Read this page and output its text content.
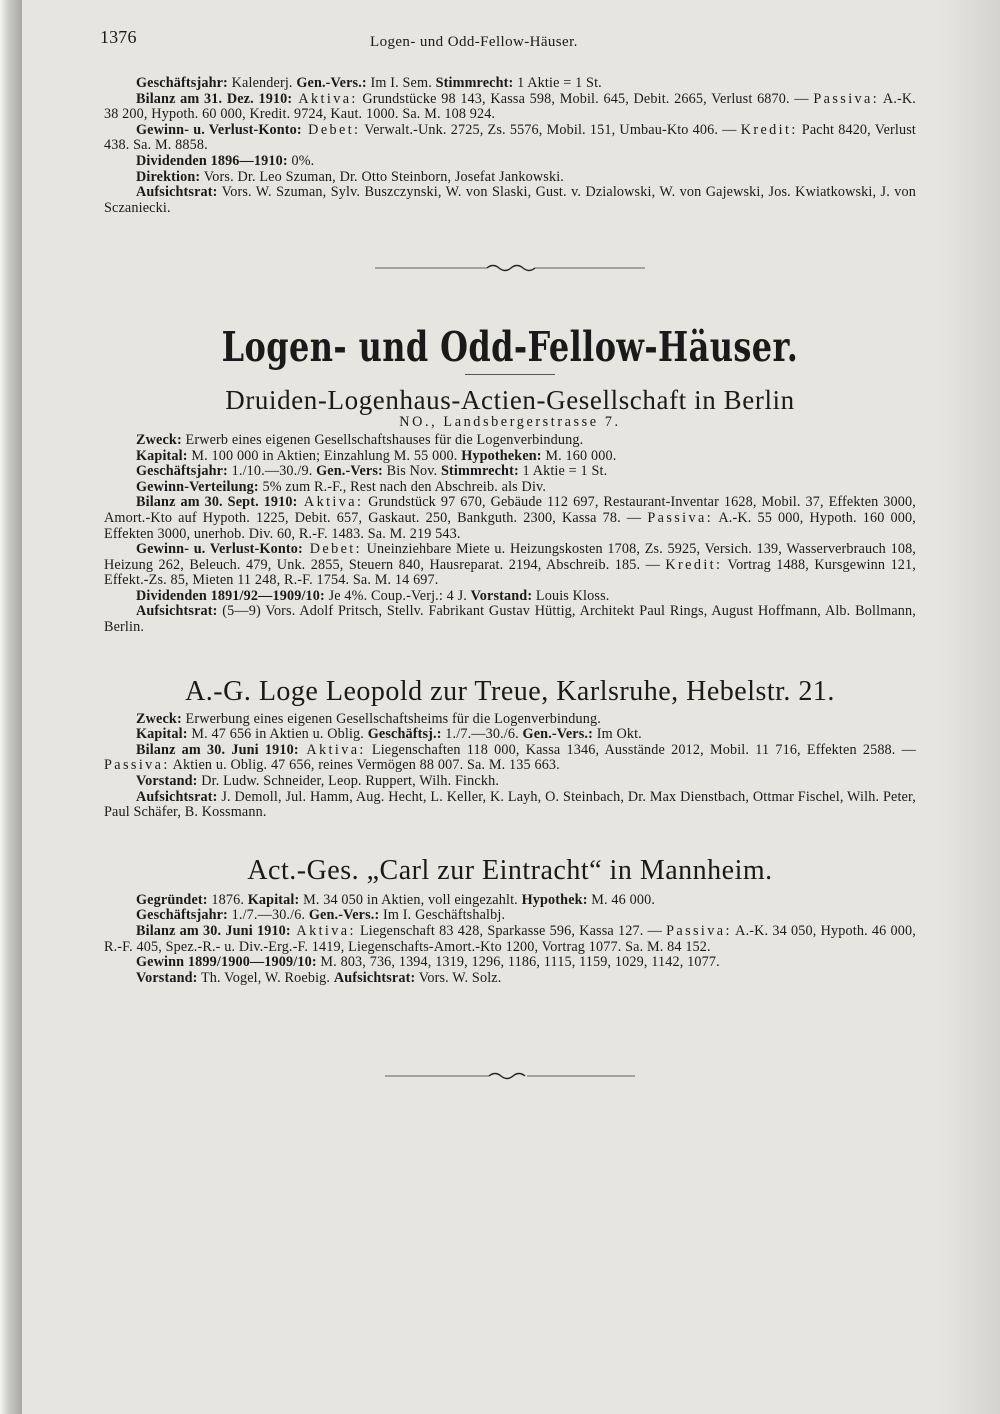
1376	Logen- und Odd-Fellow-Häuser.

Geschäftsjahr: Kalenderj. Gen.-Vers.: Im I. Sem. Stimmrecht: 1 Aktie = 1 St.

Bilanz am 31. Dez. 1910: Aktiva: Grundstücke 98 143, Kassa 598, Mobil. 645, Debit. 2665, Verlust 6870. — Passiva: A.-K. 38 200, Hypoth. 60 000, Kredit. 9724, Kaut. 1000. Sa. M. 108 924.

Gewinn- u. Verlust-Konto: Debet: Verwalt.-Unk. 2725, Zs. 5576, Mobil. 151, Umbau-Kto 406. — Kredit: Pacht 8420, Verlust 438. Sa. M. 8858.

Dividenden 1896—1910: 0%.

Direktion: Vors. Dr. Leo Szuman, Dr. Otto Steinborn, Josefat Jankowski.

Aufsichtsrat: Vors. W. Szuman, Sylv. Buszczynski, W. von Slaski, Gust. v. Dzialowski, W. von Gajewski, Jos. Kwiatkowski, J. von Sczaniecki.

Logen- und Odd-Fellow-Häuser.
Druiden-Logenhaus-Actien-Gesellschaft in Berlin
NO., Landsbergerstrasse 7.

Zweck: Erwerb eines eigenen Gesellschaftshauses für die Logenverbindung.

Kapital: M. 100 000 in Aktien; Einzahlung M. 55 000. Hypotheken: M. 160 000.

Geschäftsjahr: 1./10.—30./9. Gen.-Vers: Bis Nov. Stimmrecht: 1 Aktie = 1 St.

Gewinn-Verteilung: 5% zum R.-F., Rest nach den Abschreib. als Div.

Bilanz am 30. Sept. 1910: Aktiva: Grundstück 97 670, Gebäude 112 697, Restaurant-Inventar 1628, Mobil. 37, Effekten 3000, Amort.-Kto auf Hypoth. 1225, Debit. 657, Gaskaut. 250, Bankguth. 2300, Kassa 78. — Passiva: A.-K. 55 000, Hypoth. 160 000, Effekten 3000, unerhob. Div. 60, R.-F. 1483. Sa. M. 219 543.

Gewinn- u. Verlust-Konto: Debet: Uneinziehbare Miete u. Heizungskosten 1708, Zs. 5925, Versich. 139, Wasserverbrauch 108, Heizung 262, Beleuch. 479, Unk. 2855, Steuern 840, Hausreparat. 2194, Abschreib. 185. — Kredit: Vortrag 1488, Kursgewinn 121, Effekt.-Zs. 85, Mieten 11 248, R.-F. 1754. Sa. M. 14 697.

Dividenden 1891/92—1909/10: Je 4%. Coup.-Verj.: 4 J. Vorstand: Louis Kloss.

Aufsichtsrat: (5—9) Vors. Adolf Pritsch, Stellv. Fabrikant Gustav Hüttig, Architekt Paul Rings, August Hoffmann, Alb. Bollmann, Berlin.

A.-G. Loge Leopold zur Treue, Karlsruhe, Hebelstr. 21.

Zweck: Erwerbung eines eigenen Gesellschaftsheims für die Logenverbindung.

Kapital: M. 47 656 in Aktien u. Oblig. Geschäftsj.: 1./7.—30./6. Gen.-Vers.: Im Okt.

Bilanz am 30. Juni 1910: Aktiva: Liegenschaften 118 000, Kassa 1346, Ausstände 2012, Mobil. 11 716, Effekten 2588. — Passiva: Aktien u. Oblig. 47 656, reines Vermögen 88 007. Sa. M. 135 663.

Vorstand: Dr. Ludw. Schneider, Leop. Ruppert, Wilh. Finckh.

Aufsichtsrat: J. Demoll, Jul. Hamm, Aug. Hecht, L. Keller, K. Layh, O. Steinbach, Dr. Max Dienstbach, Ottmar Fischel, Wilh. Peter, Paul Schäfer, B. Kossmann.

Act.-Ges. „Carl zur Eintracht“ in Mannheim.

Gegründet: 1876. Kapital: M. 34 050 in Aktien, voll eingezahlt. Hypothek: M. 46 000.

Geschäftsjahr: 1./7.—30./6. Gen.-Vers.: Im I. Geschäftshalbj.

Bilanz am 30. Juni 1910: Aktiva: Liegenschaft 83 428, Sparkasse 596, Kassa 127. — Passiva: A.-K. 34 050, Hypoth. 46 000, R.-F. 405, Spez.-R.- u. Div.-Erg.-F. 1419, Liegenschafts-Amort.-Kto 1200, Vortrag 1077. Sa. M. 84 152.

Gewinn 1899/1900—1909/10: M. 803, 736, 1394, 1319, 1296, 1186, 1115, 1159, 1029, 1142, 1077.

Vorstand: Th. Vogel, W. Roebig. Aufsichtsrat: Vors. W. Solz.
